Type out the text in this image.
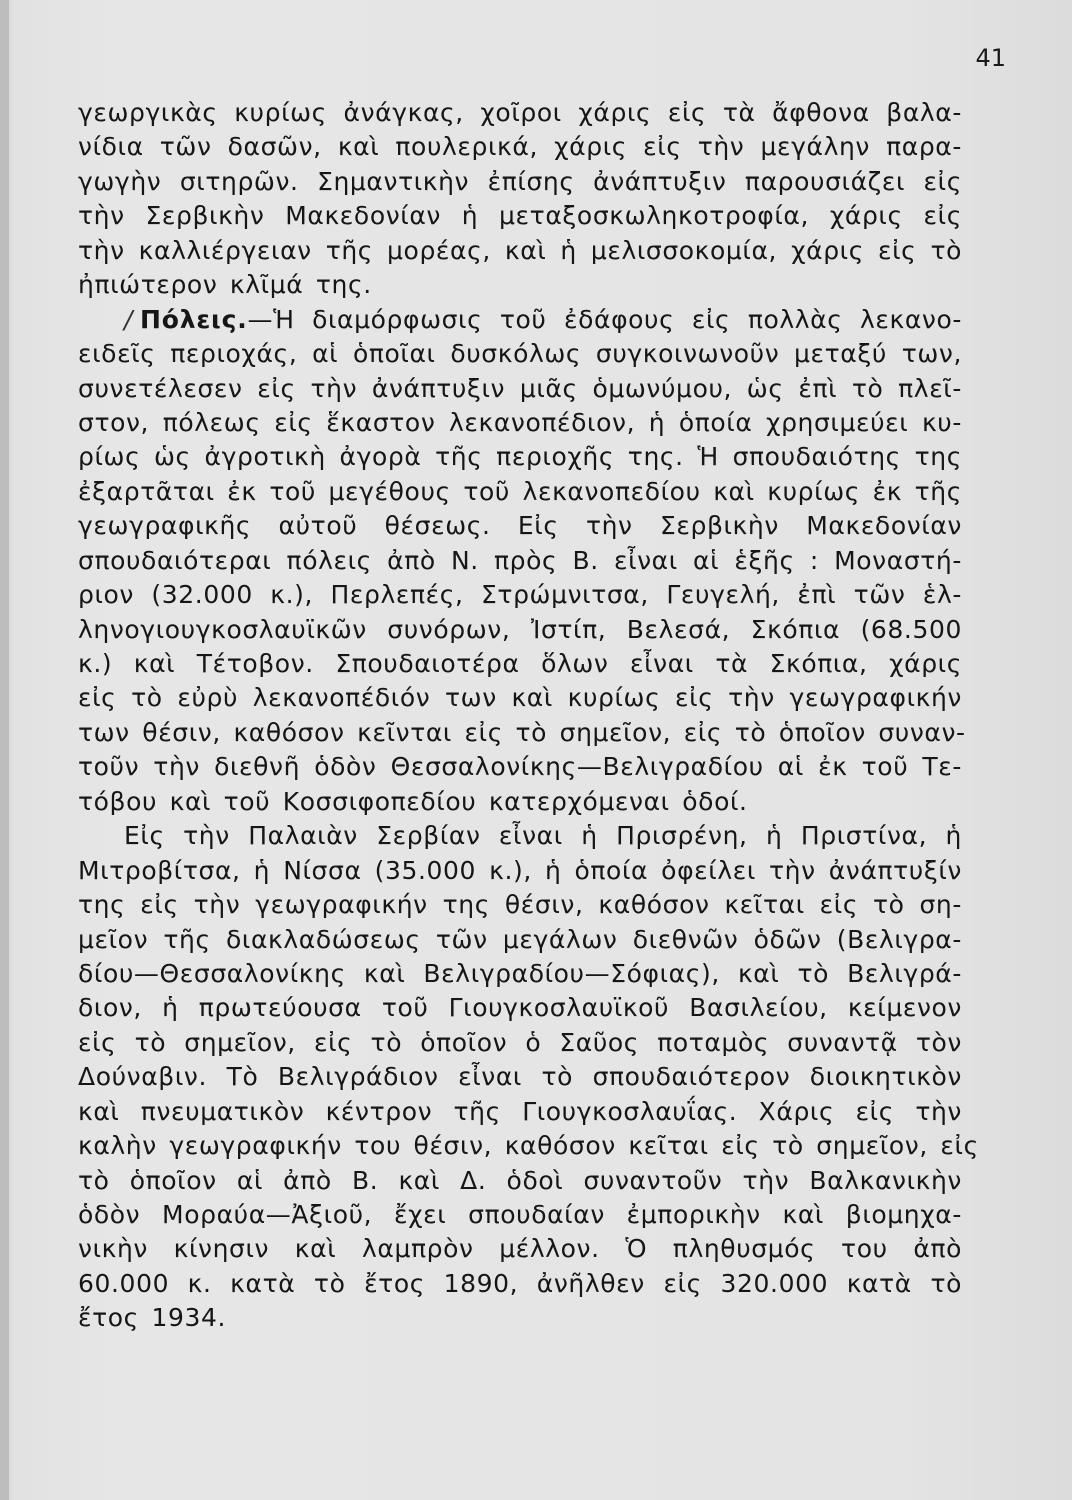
41
γεωργικὰς κυρίως ἀνάγκας, χοῖροι χάρις εἰς τὰ ἄφθονα βαλα-
νίδια τῶν δασῶν, καὶ πουλερικά, χάρις εἰς τὴν μεγάλην παρα-
γωγὴν σιτηρῶν. Σημαντικὴν ἐπίσης ἀνάπτυξιν παρουσιάζει εἰς
τὴν Σερβικὴν Μακεδονίαν ἡ μεταξοσκωληκοτροφία, χάρις εἰς
τὴν καλλιέργειαν τῆς μορέας, καὶ ἡ μελισσοκομία, χάρις εἰς τὸ
ἠπιώτερον κλῖμά της.
/ Πόλεις.—Ἡ διαμόρφωσις τοῦ ἐδάφους εἰς πολλὰς λεκανο-
ειδεῖς περιοχάς, αἱ ὁποῖαι δυσκόλως συγκοινωνοῦν μεταξύ των,
συνετέλεσεν εἰς τὴν ἀνάπτυξιν μιᾶς ὁμωνύμου, ὡς ἐπὶ τὸ πλεῖ-
στον, πόλεως εἰς ἕκαστον λεκανοπέδιον, ἡ ὁποία χρησιμεύει κυ-
ρίως ὡς ἀγροτικὴ ἀγορὰ τῆς περιοχῆς της. Ἡ σπουδαιότης της
ἐξαρτᾶται ἐκ τοῦ μεγέθους τοῦ λεκανοπεδίου καὶ κυρίως ἐκ τῆς
γεωγραφικῆς αὐτοῦ θέσεως. Εἰς τὴν Σερβικὴν Μακεδονίαν
σπουδαιότεραι πόλεις ἀπὸ Ν. πρὸς Β. εἶναι αἱ ἑξῆς : Μοναστή-
ριον (32.000 κ.), Περλεπές, Στρώμνιτσα, Γευγελή, ἐπὶ τῶν ἑλ-
ληνογιουγκοσλαυϊκῶν συνόρων, Ἰστίπ, Βελεσά, Σκόπια (68.500
κ.) καὶ Τέτοβον. Σπουδαιοτέρα ὅλων εἶναι τὰ Σκόπια, χάρις
εἰς τὸ εὐρὺ λεκανοπέδιόν των καὶ κυρίως εἰς τὴν γεωγραφικήν
των θέσιν, καθόσον κεῖνται εἰς τὸ σημεῖον, εἰς τὸ ὁποῖον συναν-
τοῦν τὴν διεθνῆ ὁδὸν Θεσσαλονίκης—Βελιγραδίου αἱ ἐκ τοῦ Τε-
τόβου καὶ τοῦ Κοσσιφοπεδίου κατερχόμεναι ὁδοί.
Εἰς τὴν Παλαιὰν Σερβίαν εἶναι ἡ Πρισρένη, ἡ Πριστίνα, ἡ
Μιτροβίτσα, ἡ Νίσσα (35.000 κ.), ἡ ὁποία ὀφείλει τὴν ἀνάπτυξίν
της εἰς τὴν γεωγραφικήν της θέσιν, καθόσον κεῖται εἰς τὸ ση-
μεῖον τῆς διακλαδώσεως τῶν μεγάλων διεθνῶν ὁδῶν (Βελιγρα-
δίου—Θεσσαλονίκης καὶ Βελιγραδίου—Σόφιας), καὶ τὸ Βελιγρά-
διον, ἡ πρωτεύουσα τοῦ Γιουγκοσλαυϊκοῦ Βασιλείου, κείμενον
εἰς τὸ σημεῖον, εἰς τὸ ὁποῖον ὁ Σαῦος ποταμὸς συναντᾷ τὸν
Δούναβιν. Τὸ Βελιγράδιον εἶναι τὸ σπουδαιότερον διοικητικὸν
καὶ πνευματικὸν κέντρον τῆς Γιουγκοσλαυΐας. Χάρις εἰς τὴν
καλὴν γεωγραφικήν του θέσιν, καθόσον κεῖται εἰς τὸ σημεῖον, εἰς
τὸ ὁποῖον αἱ ἀπὸ Β. καὶ Δ. ὁδοὶ συναντοῦν τὴν Βαλκανικὴν
ὁδὸν Μοραύα—Ἀξιοῦ, ἔχει σπουδαίαν ἐμπορικὴν καὶ βιομηχα-
νικὴν κίνησιν καὶ λαμπρὸν μέλλον. Ὁ πληθυσμός του ἀπὸ
60.000 κ. κατὰ τὸ ἔτος 1890, ἀνῆλθεν εἰς 320.000 κατὰ τὸ
ἔτος 1934.
